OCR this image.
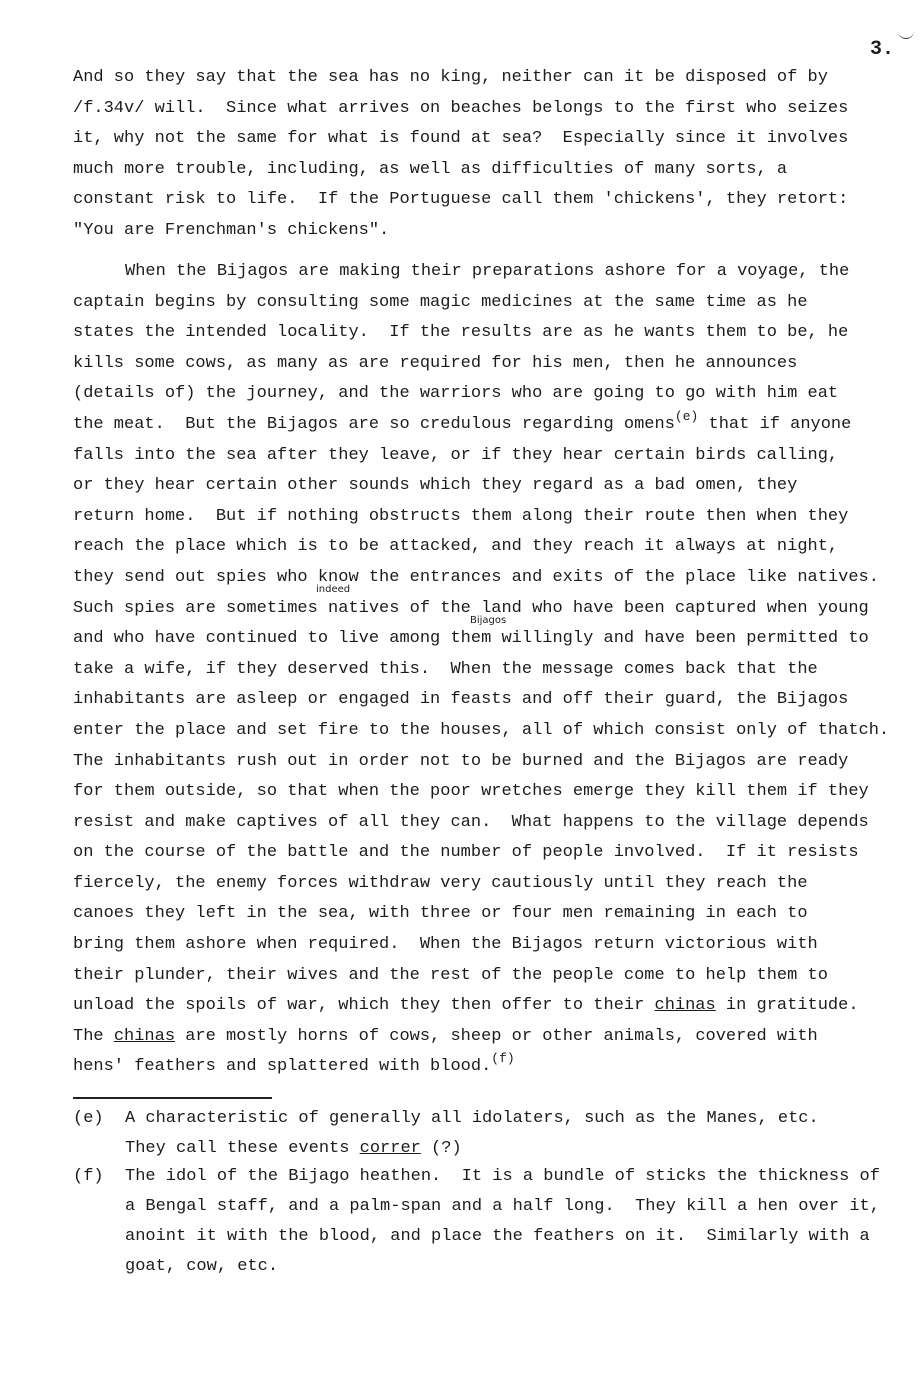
3.
And so they say that the sea has no king, neither can it be disposed of by
/f.34v/ will.  Since what arrives on beaches belongs to the first who seizes
it, why not the same for what is found at sea?  Especially since it involves
much more trouble, including, as well as difficulties of many sorts, a
constant risk to life.  If the Portuguese call them 'chickens', they retort:
"You are Frenchman's chickens".
When the Bijagos are making their preparations ashore for a voyage, the
captain begins by consulting some magic medicines at the same time as he
states the intended locality.  If the results are as he wants them to be, he
kills some cows, as many as are required for his men, then he announces
(details of) the journey, and the warriors who are going to go with him eat
the meat.  But the Bijagos are so credulous regarding omens$^{(e)}$ that if anyone
falls into the sea after they leave, or if they hear certain birds calling,
or they hear certain other sounds which they regard as a bad omen, they
return home.  But if nothing obstructs them along their route then when they
reach the place which is to be attacked, and they reach it always at night,
they send out spies who know the entrances and exits of the place like natives.
Such spies are sometimes natives of the land who have been captured when young
and who have continued to live among them willingly and have been permitted to
take a wife, if they deserved this.  When the message comes back that the
inhabitants are asleep or engaged in feasts and off their guard, the Bijagos
enter the place and set fire to the houses, all of which consist only of thatch.
The inhabitants rush out in order not to be burned and the Bijagos are ready
for them outside, so that when the poor wretches emerge they kill them if they
resist and make captives of all they can.  What happens to the village depends
on the course of the battle and the number of people involved.  If it resists
fiercely, the enemy forces withdraw very cautiously until they reach the
canoes they left in the sea, with three or four men remaining in each to
bring them ashore when required.  When the Bijagos return victorious with
their plunder, their wives and the rest of the people come to help them to
unload the spoils of war, which they then offer to their chinas in gratitude.
The chinas are mostly horns of cows, sheep or other animals, covered with
hens' feathers and splattered with blood.$^{(f)}$
indeed
Bijagos
(e) A characteristic of generally all idolaters, such as the Manes, etc.
They call these events correr (?)
(f) The idol of the Bijago heathen.  It is a bundle of sticks the thickness of
a Bengal staff, and a palm-span and a half long.  They kill a hen over it,
anoint it with the blood, and place the feathers on it.  Similarly with a
goat, cow, etc.
